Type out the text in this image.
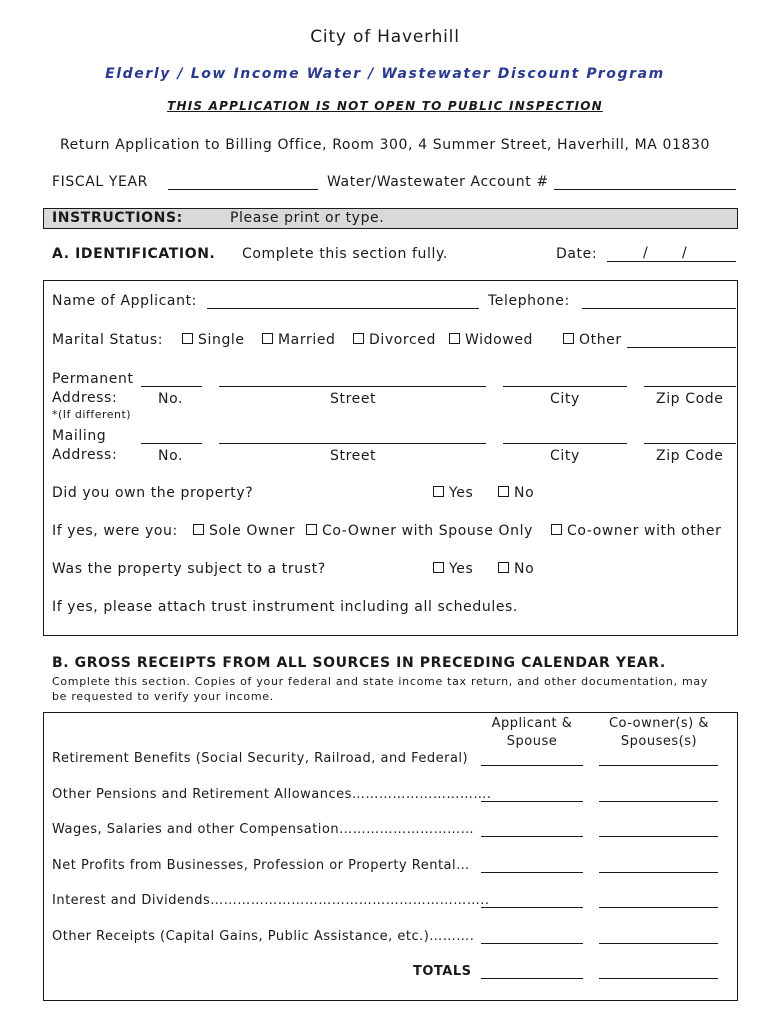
City of Haverhill
Elderly / Low Income Water / Wastewater Discount Program
THIS APPLICATION IS NOT OPEN TO PUBLIC INSPECTION
Return Application to Billing Office, Room 300, 4 Summer Street, Haverhill, MA 01830
FISCAL YEAR	Water/Wastewater Account #
INSTRUCTIONS:	Please print or type.
A. IDENTIFICATION. Complete this section fully.	Date:	/ /
Name of Applicant:	Telephone:
Marital Status:	Single	Married	Divorced	Widowed	Other
Permanent
Address:
*(If different)
No.	Street	City	Zip Code
Mailing
Address:	No.	Street	City	Zip Code
Did you own the property?	Yes	No
If yes, were you:	Sole Owner	Co-Owner with Spouse Only	Co-owner with other
Was the property subject to a trust?	Yes	No
If yes, please attach trust instrument including all schedules.
B. GROSS RECEIPTS FROM ALL SOURCES IN PRECEDING CALENDAR YEAR.
Complete this section. Copies of your federal and state income tax return, and other documentation, may
be requested to verify your income.
Applicant &
Spouse
Co-owner(s) &
Spouses(s)
Retirement Benefits (Social Security, Railroad, and Federal)
Other Pensions and Retirement Allowances………………………….
Wages, Salaries and other Compensation…………………………
Net Profits from Businesses, Profession or Property Rental…
Interest and Dividends……………………………………………………..
Other Receipts (Capital Gains, Public Assistance, etc.)……….
TOTALS
